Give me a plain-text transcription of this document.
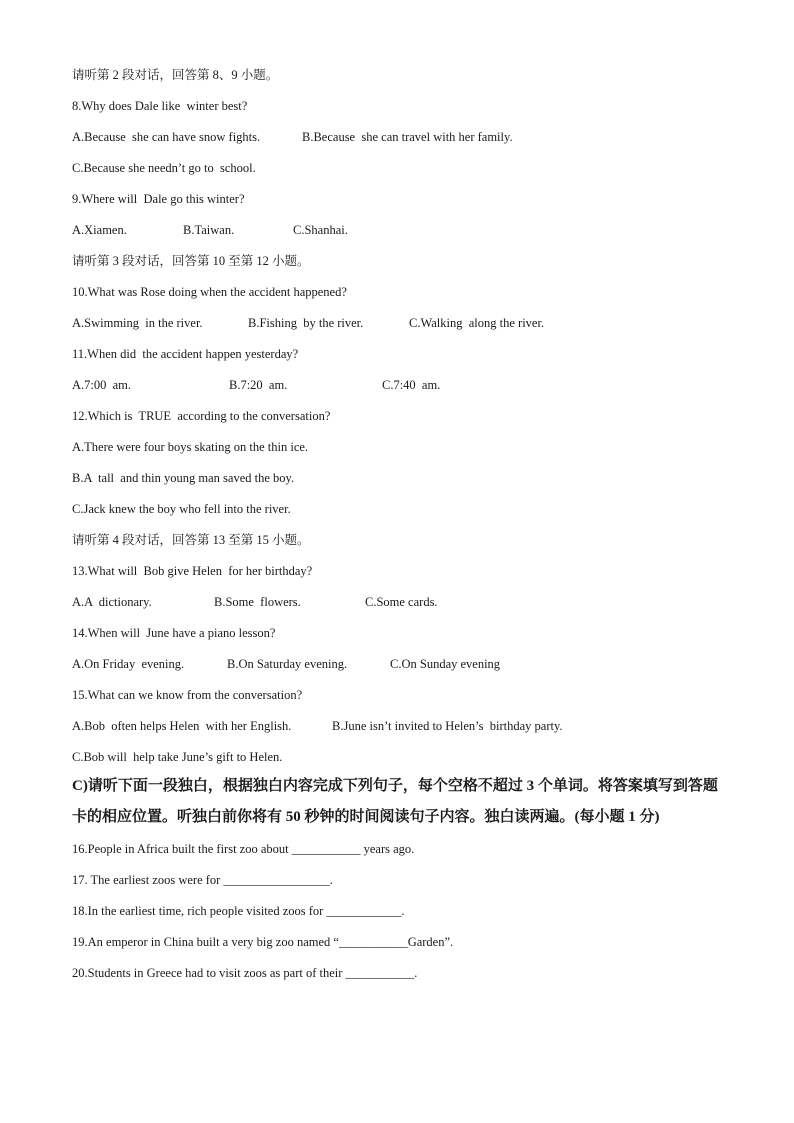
请听第 2 段对话，回答第 8、9 小题。
8.Why does Dale like  winter best?
A.Because  she can have snow fights.	B.Because  she can travel with her family.
C.Because she needn’t go to  school.
9.Where will  Dale go this winter?
A.Xiamen.	B.Taiwan.	C.Shanhai.
请听第 3 段对话，回答第 10 至第 12 小题。
10.What was Rose doing when the accident happened?
A.Swimming  in the river.	B.Fishing  by the river.	C.Walking  along the river.
11.When did  the accident happen yesterday?
A.7:00  am.	B.7:20  am.	C.7:40  am.
12.Which is  TRUE  according to the conversation?
A.There were four boys skating on the thin ice.
B.A  tall  and thin young man saved the boy.
C.Jack knew the boy who fell into the river.
请听第 4 段对话，回答第 13 至第 15 小题。
13.What will  Bob give Helen  for her birthday?
A.A  dictionary.	B.Some  flowers.	C.Some cards.
14.When will  June have a piano lesson?
A.On Friday  evening.	B.On Saturday evening.	C.On Sunday evening
15.What can we know from the conversation?
A.Bob  often helps Helen  with her English.	B.June isn’t invited to Helen’s  birthday party.
C.Bob will  help take June’s gift to Helen.
C)请听下面一段独白，根据独白内容完成下列句子，每个空格不超过 3 个单词。将答案填写到答题卡的相应位置。听独白前你将有 50 秒钟的时间阅读句子内容。独白读两遍。(每小题 1 分)
16.People in Africa built the first zoo about ___________ years ago.
17. The earliest zoos were for _________________.
18.In the earliest time, rich people visited zoos for ____________.
19.An emperor in China built a very big zoo named “___________Garden”.
20.Students in Greece had to visit zoos as part of their ___________.
